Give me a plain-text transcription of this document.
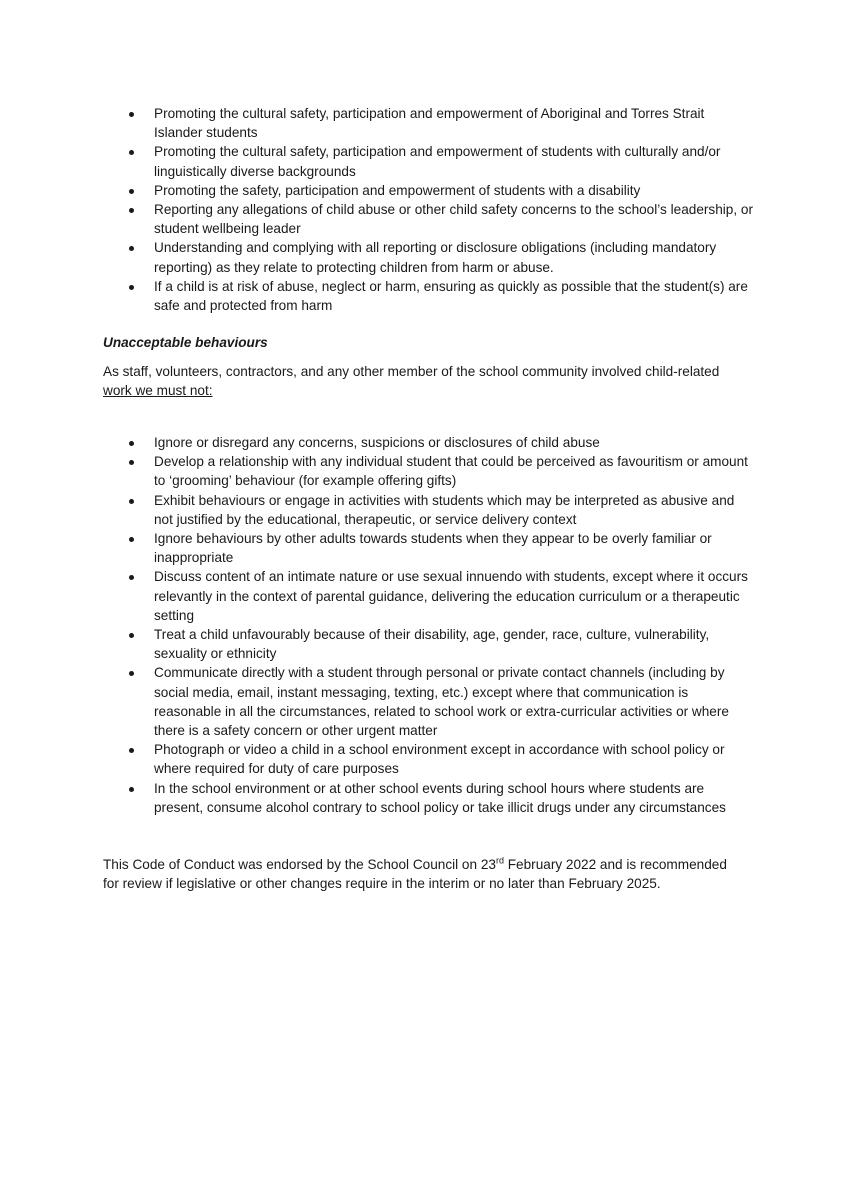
Promoting the cultural safety, participation and empowerment of Aboriginal and Torres Strait Islander students
Promoting the cultural safety, participation and empowerment of students with culturally and/or linguistically diverse backgrounds
Promoting the safety, participation and empowerment of students with a disability
Reporting any allegations of child abuse or other child safety concerns to the school’s leadership, or student wellbeing leader
Understanding and complying with all reporting or disclosure obligations (including mandatory reporting) as they relate to protecting children from harm or abuse.
If a child is at risk of abuse, neglect or harm, ensuring as quickly as possible that the student(s) are safe and protected from harm
Unacceptable behaviours
As staff, volunteers, contractors, and any other member of the school community involved child-related work we must not:
Ignore or disregard any concerns, suspicions or disclosures of child abuse
Develop a relationship with any individual student that could be perceived as favouritism or amount to ‘grooming’ behaviour (for example offering gifts)
Exhibit behaviours or engage in activities with students which may be interpreted as abusive and not justified by the educational, therapeutic, or service delivery context
Ignore behaviours by other adults towards students when they appear to be overly familiar or inappropriate
Discuss content of an intimate nature or use sexual innuendo with students, except where it occurs relevantly in the context of parental guidance, delivering the education curriculum or a therapeutic setting
Treat a child unfavourably because of their disability, age, gender, race, culture, vulnerability, sexuality or ethnicity
Communicate directly with a student through personal or private contact channels (including by social media, email, instant messaging, texting, etc.) except where that communication is reasonable in all the circumstances, related to school work or extra-curricular activities or where there is a safety concern or other urgent matter
Photograph or video a child in a school environment except in accordance with school policy or where required for duty of care purposes
In the school environment or at other school events during school hours where students are present, consume alcohol contrary to school policy or take illicit drugs under any circumstances
This Code of Conduct was endorsed by the School Council on 23rd February 2022 and is recommended for review if legislative or other changes require in the interim or no later than February 2025.
